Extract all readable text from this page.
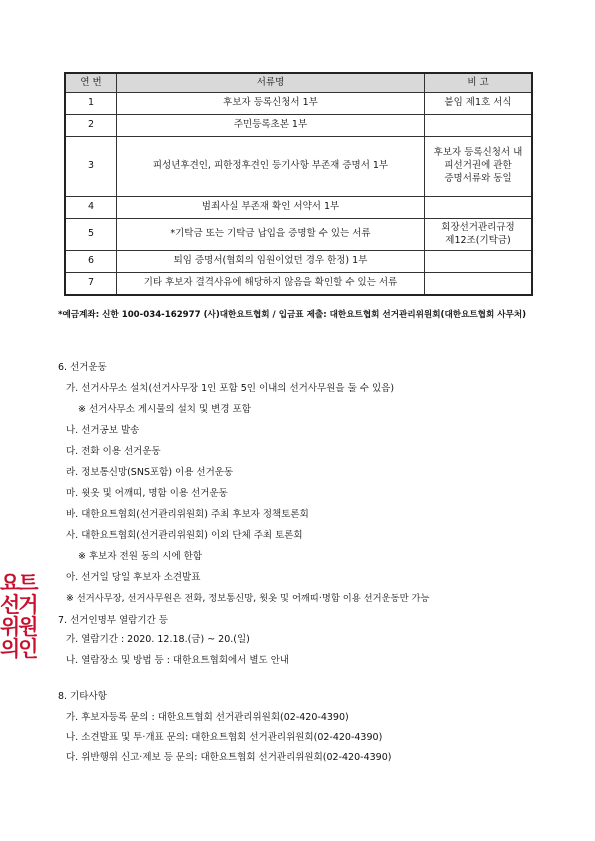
연 번	서류명	비 고
1	후보자 등록신청서 1부	붙임 제1호 서식
2	주민등록초본 1부	
3	피성년후견인, 피한정후견인 등기사항 부존재 증명서 1부	후보자 등록신청서 내
피선거권에 관한
증명서류와 동일
4	범죄사실 부존재 확인 서약서 1부	
5	*기탁금 또는 기탁금 납입을 증명할 수 있는 서류	회장선거관리규정
제12조(기탁금)
6	퇴임 증명서(협회의 임원이었던 경우 한정) 1부	
7	기타 후보자 결격사유에 해당하지 않음을 확인할 수 있는 서류	
*예금계좌: 신한 100-034-162977 (사)대한요트협회 / 입금표 제출: 대한요트협회 선거관리위원회(대한요트협회 사무처)
6. 선거운동
가. 선거사무소 설치(선거사무장 1인 포함 5인 이내의 선거사무원을 둘 수 있음)
※ 선거사무소 게시물의 설치 및 변경 포함
나. 선거공보 발송
다. 전화 이용 선거운동
라. 정보통신망(SNS포함) 이용 선거운동
마. 윗옷 및 어깨띠, 명함 이용 선거운동
바. 대한요트협회(선거관리위원회) 주최 후보자 정책토론회
사. 대한요트협회(선거관리위원회) 이외 단체 주최 토론회
※ 후보자 전원 동의 시에 한함
아. 선거일 당일 후보자 소견발표
※ 선거사무장, 선거사무원은 전화, 정보통신망, 윗옷 및 어깨띠·명함 이용 선거운동만 가능
7. 선거인명부 열람기간 등
가. 열람기간 : 2020. 12.18.(금) ~ 20.(일)
나. 열람장소 및 방법 등 : 대한요트협회에서 별도 안내
8. 기타사항
가. 후보자등록 문의 : 대한요트협회 선거관리위원회(02-420-4390)
나. 소견발표 및 투·개표 문의: 대한요트협회 선거관리위원회(02-420-4390)
다. 위반행위 신고·제보 등 문의: 대한요트협회 선거관리위원회(02-420-4390)
요트
선거
위원
의인
